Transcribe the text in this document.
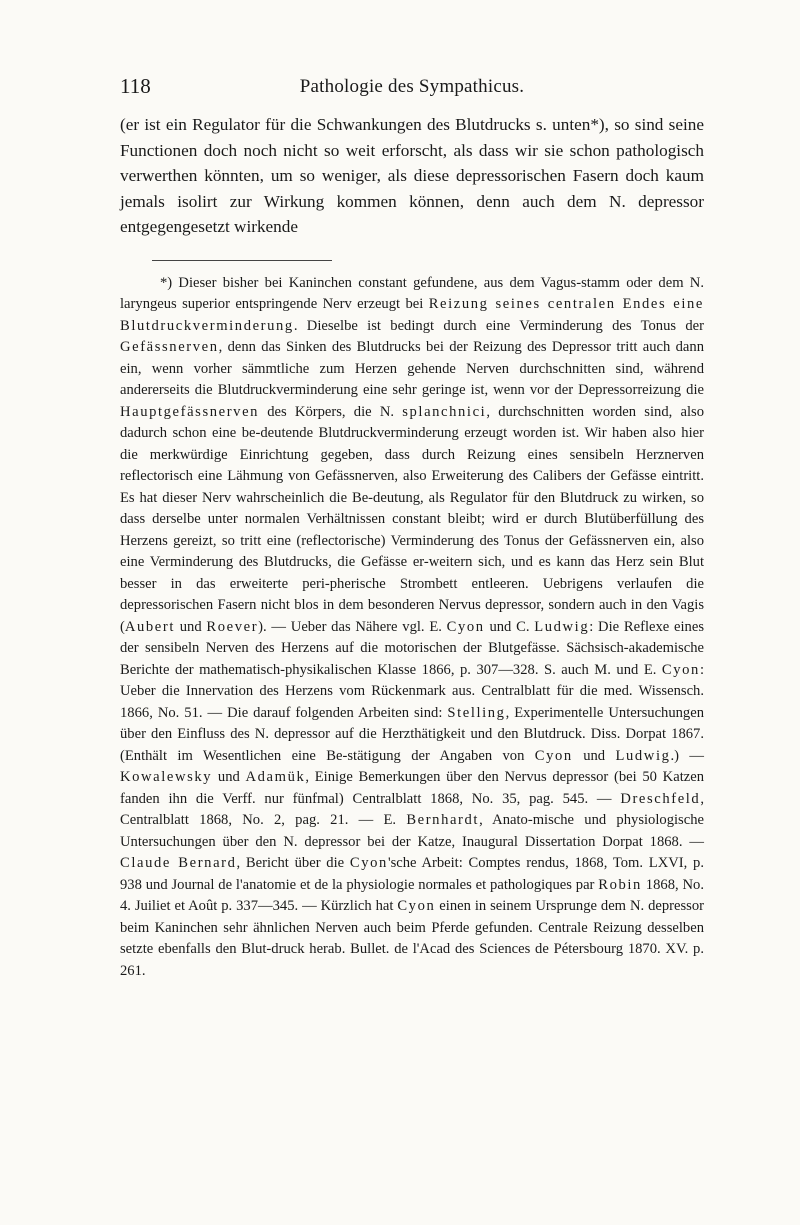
118	Pathologie des Sympathicus.

(er ist ein Regulator für die Schwankungen des Blutdrucks s. unten*), so sind seine Functionen doch noch nicht so weit erforscht, als dass wir sie schon pathologisch verwerthen könnten, um so weniger, als diese depressorischen Fasern doch kaum jemals isolirt zur Wirkung kommen können, denn auch dem N. depressor entgegengesetzt wirkende

*) Dieser bisher bei Kaninchen constant gefundene, aus dem Vagus-stamm oder dem N. laryngeus superior entspringende Nerv erzeugt bei Reizung seines centralen Endes eine Blutdruckverminderung. Dieselbe ist bedingt durch eine Verminderung des Tonus der Gefässnerven, denn das Sinken des Blutdrucks bei der Reizung des Depressor tritt auch dann ein, wenn vorher sämmtliche zum Herzen gehende Nerven durchschnitten sind, während andererseits die Blutdruckverminderung eine sehr geringe ist, wenn vor der Depressorreizung die Hauptgefässnerven des Körpers, die N. splanchnici, durchschnitten worden sind, also dadurch schon eine be-deutende Blutdruckverminderung erzeugt worden ist. Wir haben also hier die merkwürdige Einrichtung gegeben, dass durch Reizung eines sensibeln Herznerven reflectorisch eine Lähmung von Gefässnerven, also Erweiterung des Calibers der Gefässe eintritt. Es hat dieser Nerv wahrscheinlich die Be-deutung, als Regulator für den Blutdruck zu wirken, so dass derselbe unter normalen Verhältnissen constant bleibt; wird er durch Blutüberfüllung des Herzens gereizt, so tritt eine (reflectorische) Verminderung des Tonus der Gefässnerven ein, also eine Verminderung des Blutdrucks, die Gefässe er-weitern sich, und es kann das Herz sein Blut besser in das erweiterte peri-pherische Strombett entleeren. Uebrigens verlaufen die depressorischen Fasern nicht blos in dem besonderen Nervus depressor, sondern auch in den Vagis (Aubert und Roever). — Ueber das Nähere vgl. E. Cyon und C. Ludwig: Die Reflexe eines der sensibeln Nerven des Herzens auf die motorischen der Blutgefässe. Sächsisch-akademische Berichte der mathematisch-physikalischen Klasse 1866, p. 307—328. S. auch M. und E. Cyon: Ueber die Innervation des Herzens vom Rückenmark aus. Centralblatt für die med. Wissensch. 1866, No. 51. — Die darauf folgenden Arbeiten sind: Stelling, Experimentelle Untersuchungen über den Einfluss des N. depressor auf die Herzthätigkeit und den Blutdruck. Diss. Dorpat 1867. (Enthält im Wesentlichen eine Be-stätigung der Angaben von Cyon und Ludwig.) — Kowalewsky und Adamük, Einige Bemerkungen über den Nervus depressor (bei 50 Katzen fanden ihn die Verff. nur fünfmal) Centralblatt 1868, No. 35, pag. 545. — Dreschfeld, Centralblatt 1868, No. 2, pag. 21. — E. Bernhardt, Anato-mische und physiologische Untersuchungen über den N. depressor bei der Katze, Inaugural Dissertation Dorpat 1868. — Claude Bernard, Bericht über die Cyon'sche Arbeit: Comptes rendus, 1868, Tom. LXVI, p. 938 und Journal de l'anatomie et de la physiologie normales et pathologiques par Robin 1868, No. 4. Juiliet et Août p. 337—345. — Kürzlich hat Cyon einen in seinem Ursprunge dem N. depressor beim Kaninchen sehr ähnlichen Nerven auch beim Pferde gefunden. Centrale Reizung desselben setzte ebenfalls den Blut-druck herab. Bullet. de l'Acad des Sciences de Pétersbourg 1870. XV. p. 261.
